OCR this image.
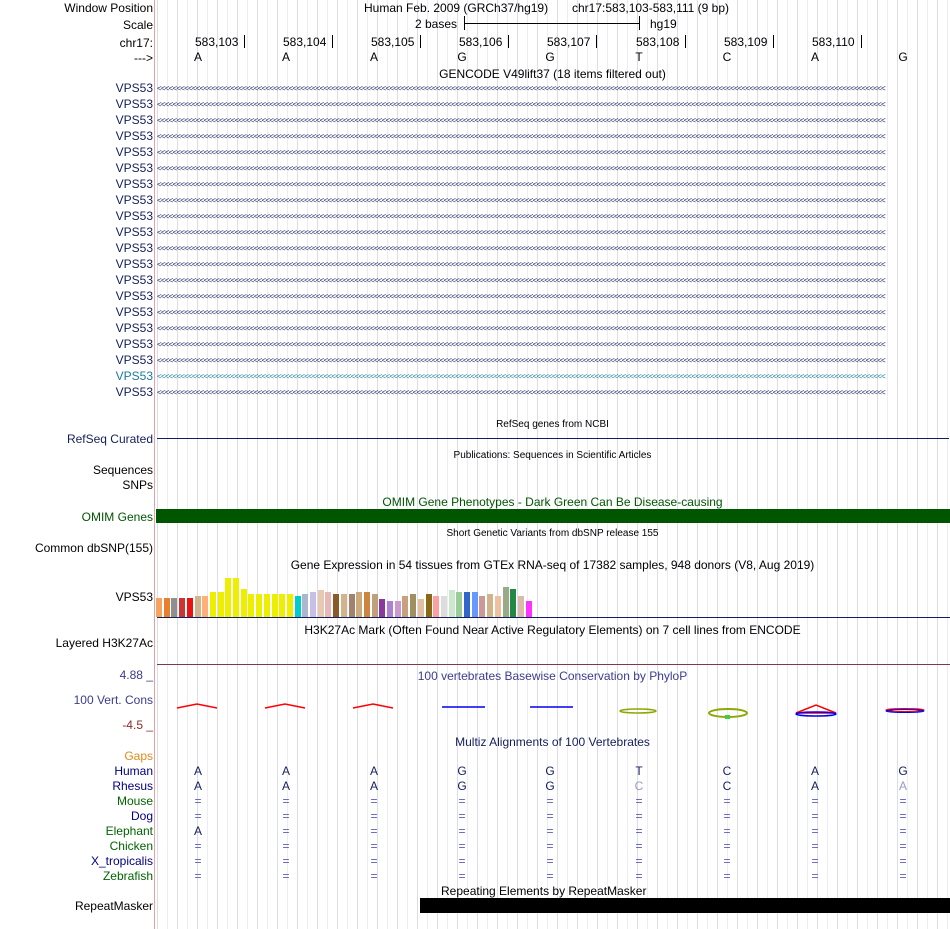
Window Position	Human Feb. 2009 (GRCh37/hg19) chr17:583,103-583,111 (9 bp)
Scale	2 bases	hg19
chr17:	583,103	583,104	583,105	583,106	583,107	583,108	583,109	583,110
--->	A	A	A	G	G	T	C	A	G
GENCODE V49lift37 (18 items filtered out)
VPS53 <<<<<<<<<<<<<<<<<<<<<<<<<<<<<<<<<<<<<<<<<<<<<<<<<<<<<<<<<<<<<<<<<<<<<<<<<<<<<<<<<<<<<<<<<<<<<<<<<<<<<<<<<<<<<<<<<<<<<<<<<<<<<<<<<<<<<<<<<<<<<<<<<<<<<<<<<<<<<<<<<<<<<<<<<<<<<<<<<<<<<<<<<<<<
VPS53 <<<<<<<<<<<<<<<<<<<<<<<<<<<<<<<<<<<<<<<<<<<<<<<<<<<<<<<<<<<<<<<<<<<<<<<<<<<<<<<<<<<<<<<<<<<<<<<<<<<<<<<<<<<<<<<<<<<<<<<<<<<<<<<<<<<<<<<<<<<<<<<<<<<<<<<<<<<<<<<<<<<<<<<<<<<<<<<<<<<<<<<<<<<<
VPS53 <<<<<<<<<<<<<<<<<<<<<<<<<<<<<<<<<<<<<<<<<<<<<<<<<<<<<<<<<<<<<<<<<<<<<<<<<<<<<<<<<<<<<<<<<<<<<<<<<<<<<<<<<<<<<<<<<<<<<<<<<<<<<<<<<<<<<<<<<<<<<<<<<<<<<<<<<<<<<<<<<<<<<<<<<<<<<<<<<<<<<<<<<<<<
VPS53 <<<<<<<<<<<<<<<<<<<<<<<<<<<<<<<<<<<<<<<<<<<<<<<<<<<<<<<<<<<<<<<<<<<<<<<<<<<<<<<<<<<<<<<<<<<<<<<<<<<<<<<<<<<<<<<<<<<<<<<<<<<<<<<<<<<<<<<<<<<<<<<<<<<<<<<<<<<<<<<<<<<<<<<<<<<<<<<<<<<<<<<<<<<<
VPS53 <<<<<<<<<<<<<<<<<<<<<<<<<<<<<<<<<<<<<<<<<<<<<<<<<<<<<<<<<<<<<<<<<<<<<<<<<<<<<<<<<<<<<<<<<<<<<<<<<<<<<<<<<<<<<<<<<<<<<<<<<<<<<<<<<<<<<<<<<<<<<<<<<<<<<<<<<<<<<<<<<<<<<<<<<<<<<<<<<<<<<<<<<<<<
VPS53 <<<<<<<<<<<<<<<<<<<<<<<<<<<<<<<<<<<<<<<<<<<<<<<<<<<<<<<<<<<<<<<<<<<<<<<<<<<<<<<<<<<<<<<<<<<<<<<<<<<<<<<<<<<<<<<<<<<<<<<<<<<<<<<<<<<<<<<<<<<<<<<<<<<<<<<<<<<<<<<<<<<<<<<<<<<<<<<<<<<<<<<<<<<<
VPS53 <<<<<<<<<<<<<<<<<<<<<<<<<<<<<<<<<<<<<<<<<<<<<<<<<<<<<<<<<<<<<<<<<<<<<<<<<<<<<<<<<<<<<<<<<<<<<<<<<<<<<<<<<<<<<<<<<<<<<<<<<<<<<<<<<<<<<<<<<<<<<<<<<<<<<<<<<<<<<<<<<<<<<<<<<<<<<<<<<<<<<<<<<<<<
VPS53 <<<<<<<<<<<<<<<<<<<<<<<<<<<<<<<<<<<<<<<<<<<<<<<<<<<<<<<<<<<<<<<<<<<<<<<<<<<<<<<<<<<<<<<<<<<<<<<<<<<<<<<<<<<<<<<<<<<<<<<<<<<<<<<<<<<<<<<<<<<<<<<<<<<<<<<<<<<<<<<<<<<<<<<<<<<<<<<<<<<<<<<<<<<<
VPS53 <<<<<<<<<<<<<<<<<<<<<<<<<<<<<<<<<<<<<<<<<<<<<<<<<<<<<<<<<<<<<<<<<<<<<<<<<<<<<<<<<<<<<<<<<<<<<<<<<<<<<<<<<<<<<<<<<<<<<<<<<<<<<<<<<<<<<<<<<<<<<<<<<<<<<<<<<<<<<<<<<<<<<<<<<<<<<<<<<<<<<<<<<<<<
VPS53 <<<<<<<<<<<<<<<<<<<<<<<<<<<<<<<<<<<<<<<<<<<<<<<<<<<<<<<<<<<<<<<<<<<<<<<<<<<<<<<<<<<<<<<<<<<<<<<<<<<<<<<<<<<<<<<<<<<<<<<<<<<<<<<<<<<<<<<<<<<<<<<<<<<<<<<<<<<<<<<<<<<<<<<<<<<<<<<<<<<<<<<<<<<<
VPS53 <<<<<<<<<<<<<<<<<<<<<<<<<<<<<<<<<<<<<<<<<<<<<<<<<<<<<<<<<<<<<<<<<<<<<<<<<<<<<<<<<<<<<<<<<<<<<<<<<<<<<<<<<<<<<<<<<<<<<<<<<<<<<<<<<<<<<<<<<<<<<<<<<<<<<<<<<<<<<<<<<<<<<<<<<<<<<<<<<<<<<<<<<<<<
VPS53 <<<<<<<<<<<<<<<<<<<<<<<<<<<<<<<<<<<<<<<<<<<<<<<<<<<<<<<<<<<<<<<<<<<<<<<<<<<<<<<<<<<<<<<<<<<<<<<<<<<<<<<<<<<<<<<<<<<<<<<<<<<<<<<<<<<<<<<<<<<<<<<<<<<<<<<<<<<<<<<<<<<<<<<<<<<<<<<<<<<<<<<<<<<<
VPS53 <<<<<<<<<<<<<<<<<<<<<<<<<<<<<<<<<<<<<<<<<<<<<<<<<<<<<<<<<<<<<<<<<<<<<<<<<<<<<<<<<<<<<<<<<<<<<<<<<<<<<<<<<<<<<<<<<<<<<<<<<<<<<<<<<<<<<<<<<<<<<<<<<<<<<<<<<<<<<<<<<<<<<<<<<<<<<<<<<<<<<<<<<<<<
VPS53 <<<<<<<<<<<<<<<<<<<<<<<<<<<<<<<<<<<<<<<<<<<<<<<<<<<<<<<<<<<<<<<<<<<<<<<<<<<<<<<<<<<<<<<<<<<<<<<<<<<<<<<<<<<<<<<<<<<<<<<<<<<<<<<<<<<<<<<<<<<<<<<<<<<<<<<<<<<<<<<<<<<<<<<<<<<<<<<<<<<<<<<<<<<<
VPS53 <<<<<<<<<<<<<<<<<<<<<<<<<<<<<<<<<<<<<<<<<<<<<<<<<<<<<<<<<<<<<<<<<<<<<<<<<<<<<<<<<<<<<<<<<<<<<<<<<<<<<<<<<<<<<<<<<<<<<<<<<<<<<<<<<<<<<<<<<<<<<<<<<<<<<<<<<<<<<<<<<<<<<<<<<<<<<<<<<<<<<<<<<<<<
VPS53 <<<<<<<<<<<<<<<<<<<<<<<<<<<<<<<<<<<<<<<<<<<<<<<<<<<<<<<<<<<<<<<<<<<<<<<<<<<<<<<<<<<<<<<<<<<<<<<<<<<<<<<<<<<<<<<<<<<<<<<<<<<<<<<<<<<<<<<<<<<<<<<<<<<<<<<<<<<<<<<<<<<<<<<<<<<<<<<<<<<<<<<<<<<<
VPS53 <<<<<<<<<<<<<<<<<<<<<<<<<<<<<<<<<<<<<<<<<<<<<<<<<<<<<<<<<<<<<<<<<<<<<<<<<<<<<<<<<<<<<<<<<<<<<<<<<<<<<<<<<<<<<<<<<<<<<<<<<<<<<<<<<<<<<<<<<<<<<<<<<<<<<<<<<<<<<<<<<<<<<<<<<<<<<<<<<<<<<<<<<<<<
VPS53 <<<<<<<<<<<<<<<<<<<<<<<<<<<<<<<<<<<<<<<<<<<<<<<<<<<<<<<<<<<<<<<<<<<<<<<<<<<<<<<<<<<<<<<<<<<<<<<<<<<<<<<<<<<<<<<<<<<<<<<<<<<<<<<<<<<<<<<<<<<<<<<<<<<<<<<<<<<<<<<<<<<<<<<<<<<<<<<<<<<<<<<<<<<<
VPS53 <<<<<<<<<<<<<<<<<<<<<<<<<<<<<<<<<<<<<<<<<<<<<<<<<<<<<<<<<<<<<<<<<<<<<<<<<<<<<<<<<<<<<<<<<<<<<<<<<<<<<<<<<<<<<<<<<<<<<<<<<<<<<<<<<<<<<<<<<<<<<<<<<<<<<<<<<<<<<<<<<<<<<<<<<<<<<<<<<<<<<<<<<<<<
VPS53 <<<<<<<<<<<<<<<<<<<<<<<<<<<<<<<<<<<<<<<<<<<<<<<<<<<<<<<<<<<<<<<<<<<<<<<<<<<<<<<<<<<<<<<<<<<<<<<<<<<<<<<<<<<<<<<<<<<<<<<<<<<<<<<<<<<<<<<<<<<<<<<<<<<<<<<<<<<<<<<<<<<<<<<<<<<<<<<<<<<<<<<<<<<<
RefSeq genes from NCBI
RefSeq Curated
Publications: Sequences in Scientific Articles
Sequences
SNPs
OMIM Gene Phenotypes - Dark Green Can Be Disease-causing
OMIM Genes
Short Genetic Variants from dbSNP release 155
Common dbSNP(155)
Gene Expression in 54 tissues from GTEx RNA-seq of 17382 samples, 948 donors (V8, Aug 2019)
VPS53
H3K27Ac Mark (Often Found Near Active Regulatory Elements) on 7 cell lines from ENCODE
Layered H3K27Ac
100 vertebrates Basewise Conservation by PhyloP
4.88 _
100 Vert. Cons
-4.5 _
Multiz Alignments of 100 Vertebrates
Gaps
Human	A	A	A	G	G	T	C	A	G
Rhesus	A	A	A	G	G	C	C	A	A
Mouse	=	=	=	=	=	=	=	=	=
Dog	=	=	=	=	=	=	=	=	=
Elephant	A	=	=	=	=	=	=	=	=
Chicken	=	=	=	=	=	=	=	=	=
X_tropicalis	=	=	=	=	=	=	=	=	=
Zebrafish	=	=	=	=	=	=	=	=	=
Repeating Elements by RepeatMasker
RepeatMasker
